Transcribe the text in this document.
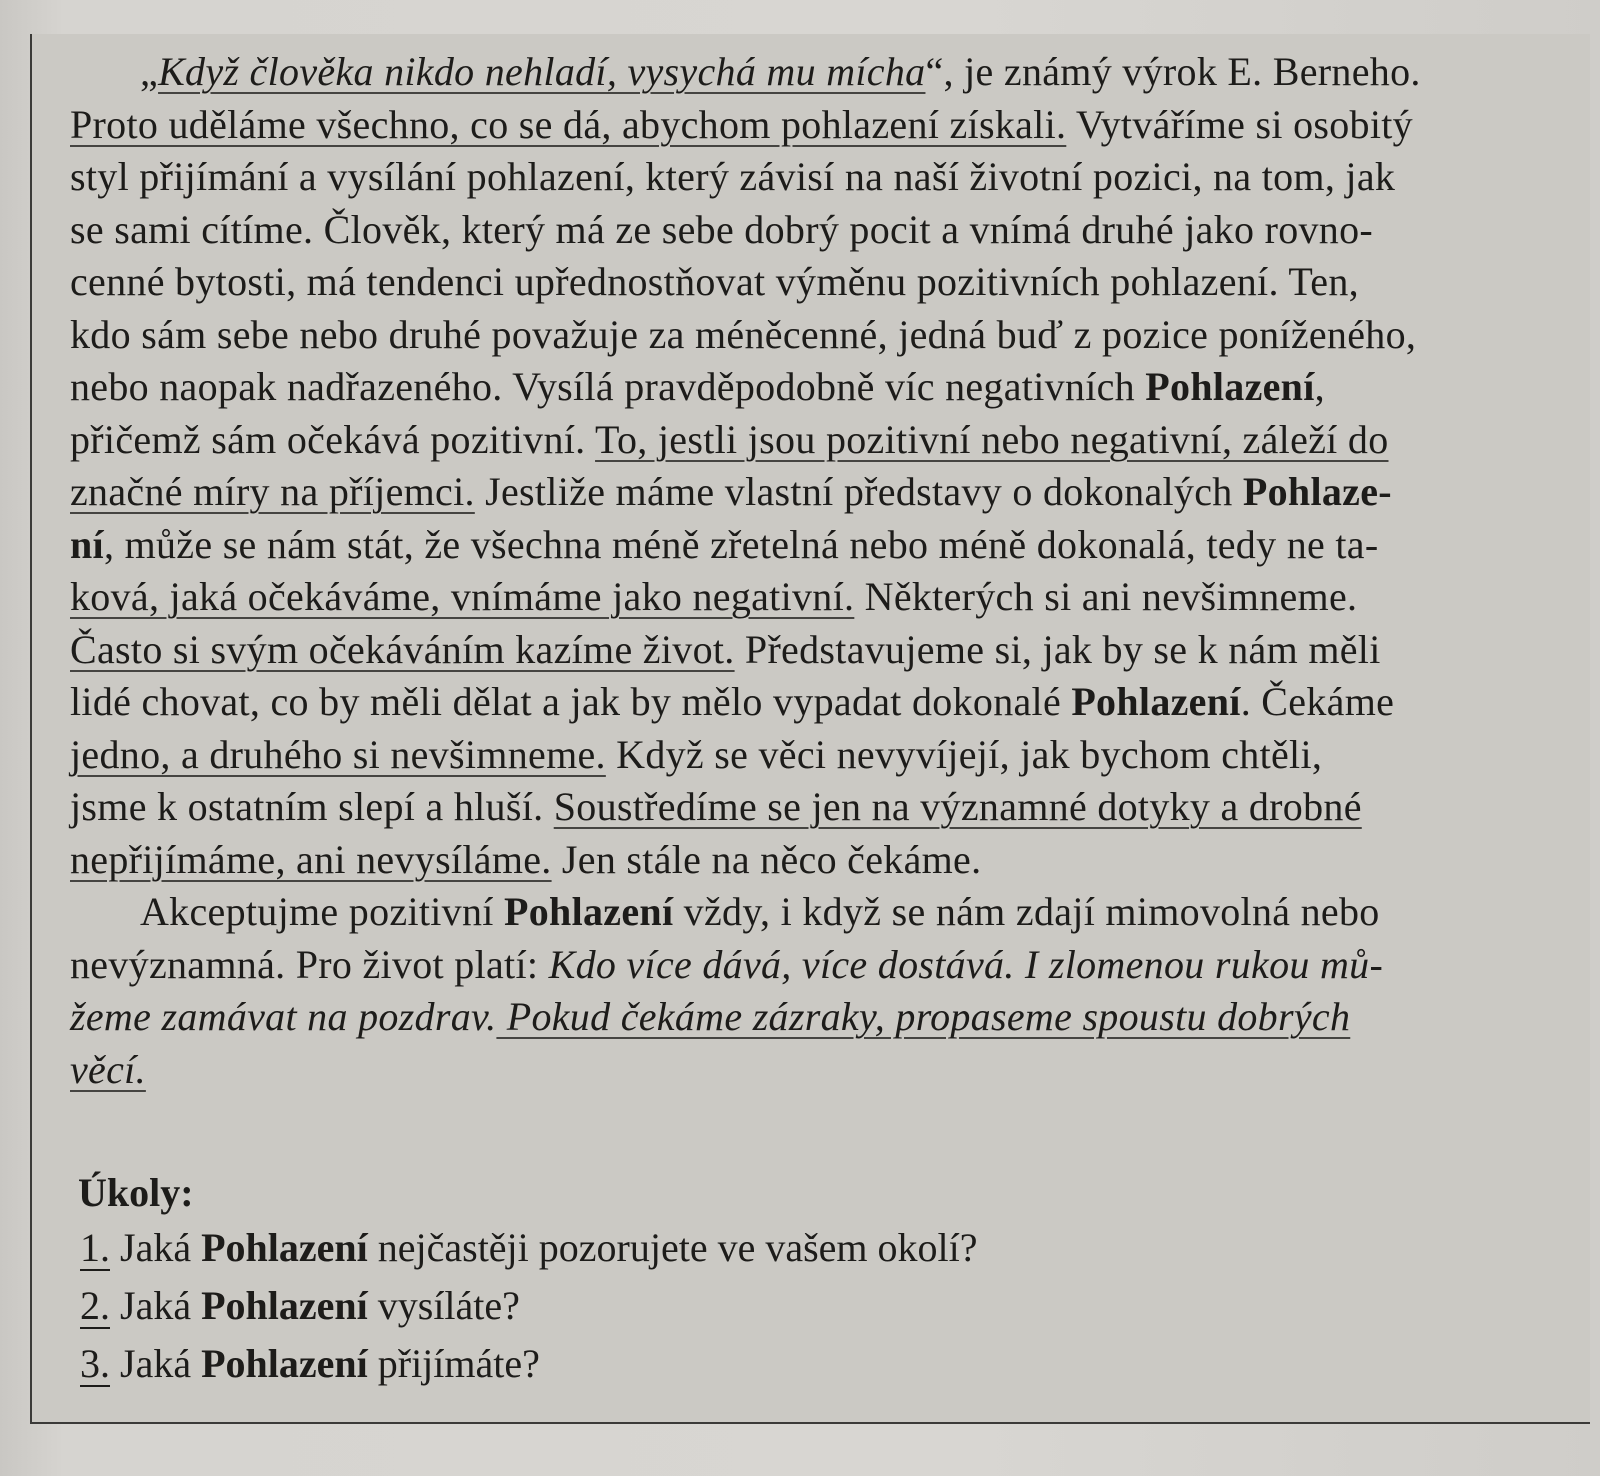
„Když člověka nikdo nehladí, vysychá mu mícha“, je známý výrok E. Berneho.
Proto uděláme všechno, co se dá, abychom pohlazení získali. Vytváříme si osobitý
styl přijímání a vysílání pohlazení, který závisí na naší životní pozici, na tom, jak
se sami cítíme. Člověk, který má ze sebe dobrý pocit a vnímá druhé jako rovno-
cenné bytosti, má tendenci upřednostňovat výměnu pozitivních pohlazení. Ten,
kdo sám sebe nebo druhé považuje za méněcenné, jedná buď z pozice poníženého,
nebo naopak nadřazeného. Vysílá pravděpodobně víc negativních Pohlazení,
přičemž sám očekává pozitivní. To, jestli jsou pozitivní nebo negativní, záleží do
značné míry na příjemci. Jestliže máme vlastní představy o dokonalých Pohlaze-
ní, může se nám stát, že všechna méně zřetelná nebo méně dokonalá, tedy ne ta-
ková, jaká očekáváme, vnímáme jako negativní. Některých si ani nevšimneme.
Často si svým očekáváním kazíme život. Představujeme si, jak by se k nám měli
lidé chovat, co by měli dělat a jak by mělo vypadat dokonalé Pohlazení. Čekáme
jedno, a druhého si nevšimneme. Když se věci nevyvíjejí, jak bychom chtěli,
jsme k ostatním slepí a hluší. Soustředíme se jen na významné dotyky a drobné
nepřijímáme, ani nevysíláme. Jen stále na něco čekáme.
Akceptujme pozitivní Pohlazení vždy, i když se nám zdají mimovolná nebo
nevýznamná. Pro život platí: Kdo více dává, více dostává. I zlomenou rukou mů-
žeme zamávat na pozdrav. Pokud čekáme zázraky, propaseme spoustu dobrých
věcí.
Úkoly:
1. Jaká Pohlazení nejčastěji pozorujete ve vašem okolí?
2. Jaká Pohlazení vysíláte?
3. Jaká Pohlazení přijímáte?
